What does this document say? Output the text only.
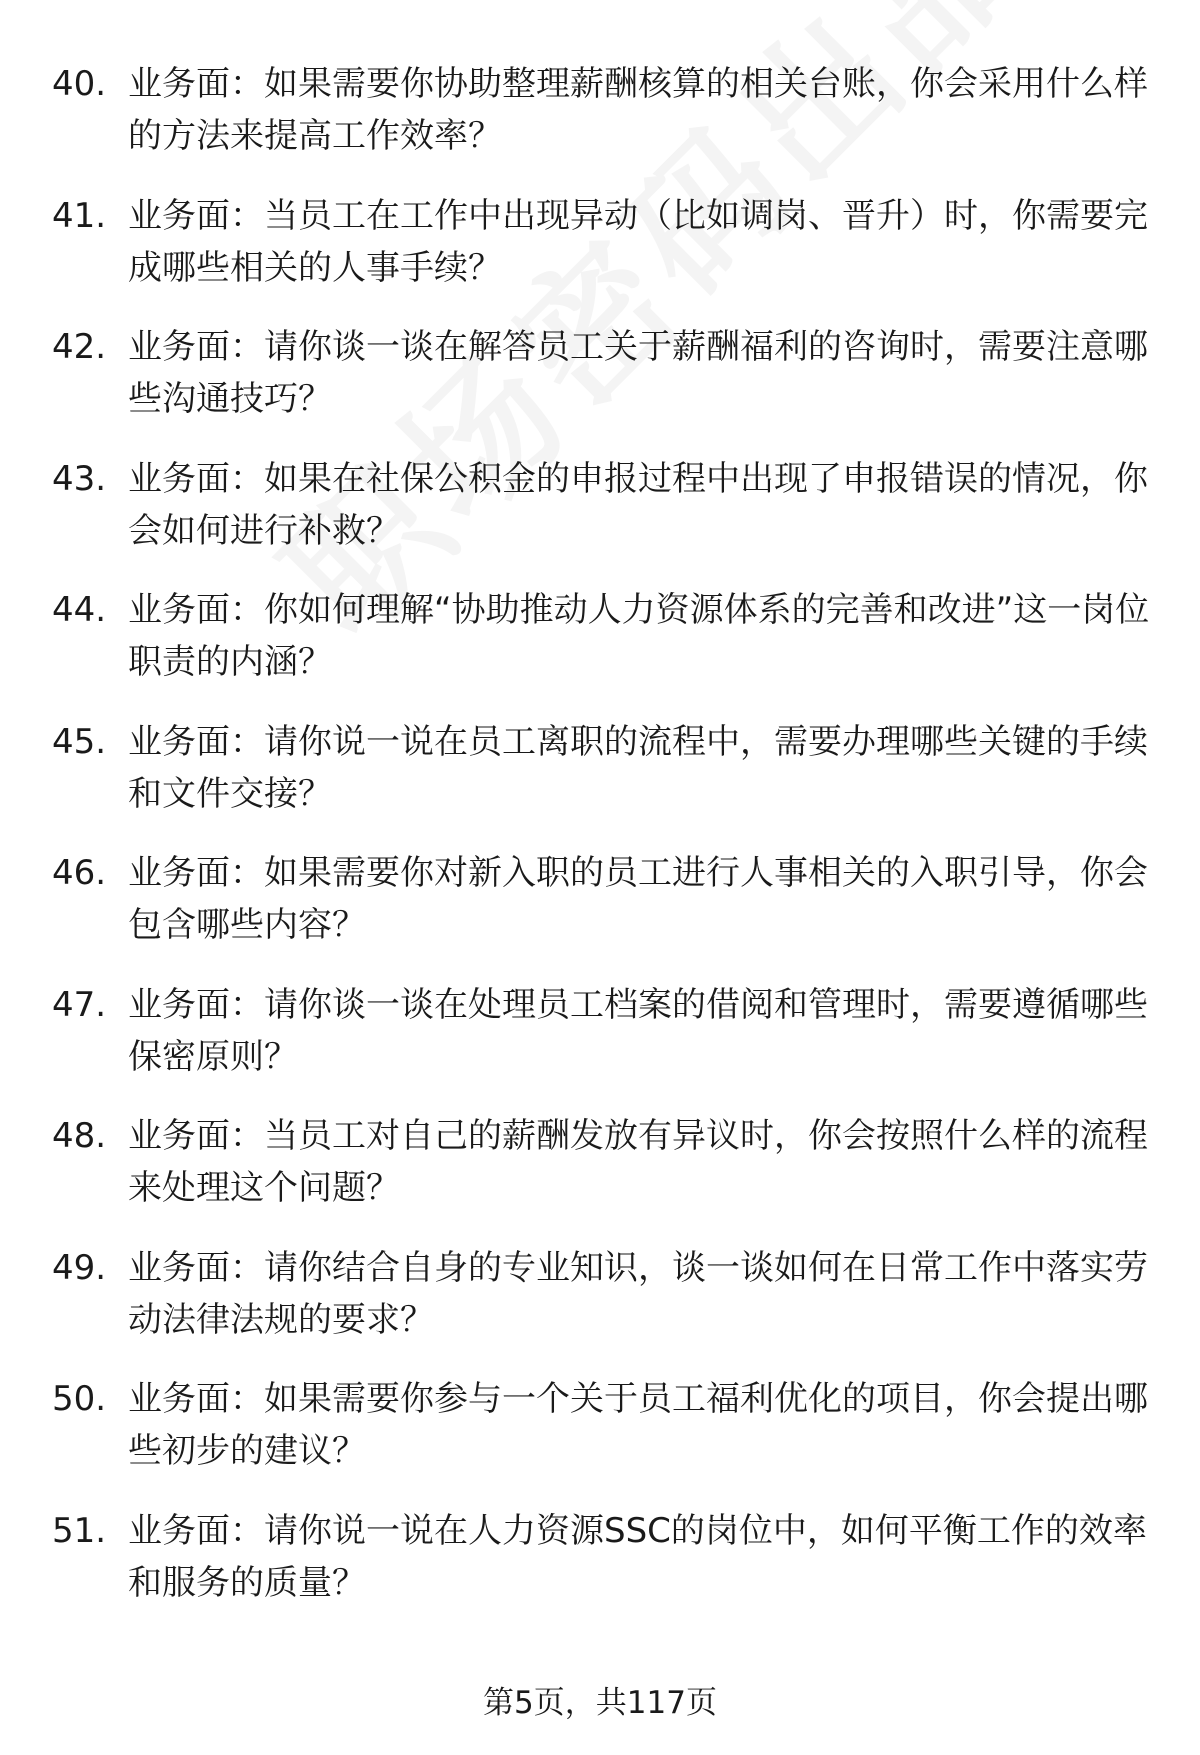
40. 业务面：如果需要你协助整理薪酬核算的相关台账，你会采用什么样的方法来提高工作效率？
41. 业务面：当员工在工作中出现异动（比如调岗、晋升）时，你需要完成哪些相关的人事手续？
42. 业务面：请你谈一谈在解答员工关于薪酬福利的咨询时，需要注意哪些沟通技巧？
43. 业务面：如果在社保公积金的申报过程中出现了申报错误的情况，你会如何进行补救？
44. 业务面：你如何理解“协助推动人力资源体系的完善和改进”这一岗位职责的内涵？
45. 业务面：请你说一说在员工离职的流程中，需要办理哪些关键的手续和文件交接？
46. 业务面：如果需要你对新入职的员工进行人事相关的入职引导，你会包含哪些内容？
47. 业务面：请你谈一谈在处理员工档案的借阅和管理时，需要遵循哪些保密原则？
48. 业务面：当员工对自己的薪酬发放有异议时，你会按照什么样的流程来处理这个问题？
49. 业务面：请你结合自身的专业知识，谈一谈如何在日常工作中落实劳动法律法规的要求？
50. 业务面：如果需要你参与一个关于员工福利优化的项目，你会提出哪些初步的建议？
51. 业务面：请你说一说在人力资源SSC的岗位中，如何平衡工作的效率和服务的质量？
第5页，共117页
